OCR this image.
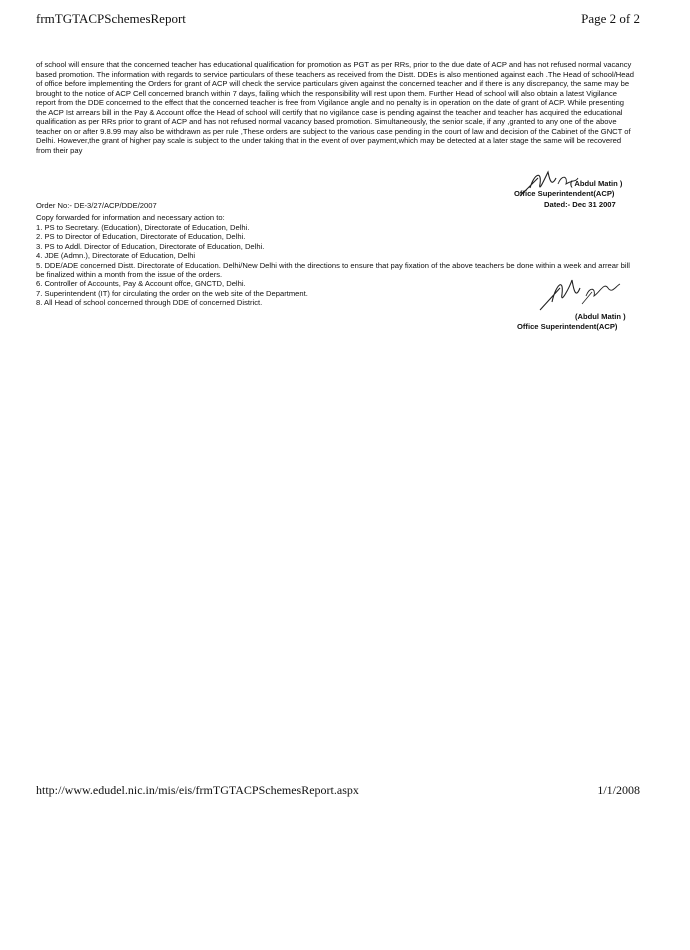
frmTGTACPSchemesReport	Page 2 of 2
of school will ensure that the concerned teacher has educational qualification for promotion as PGT as per RRs, prior to the due date of ACP and has not refused normal vacancy based promotion. The information with regards to service particulars of these teachers as received from the Distt. DDEs is also mentioned against each .The Head of school/Head of office before implementing the Orders for grant of ACP will check the service particulars given against the concerned teacher and if there is any discrepancy, the same may be brought to the notice of ACP Cell concerned branch within 7 days, failing which the responsibility will rest upon them. Further Head of school will also obtain a latest Vigilance report from the DDE concerned to the effect that the concerned teacher is free from Vigilance angle and no penalty is in operation on the date of grant of ACP. While presenting the ACP Ist arrears bill in the Pay & Account offce the Head of school will certify that no vigilance case is pending against the teacher and teacher has acquired the educational qualification as per RRs prior to grant of ACP and has not refused normal vacancy based promotion. Simultaneously, the senior scale, if any ,granted to any one of the above teacher on or after 9.8.99 may also be withdrawn as per rule ,These orders are subject to the various case pending in the court of law and decision of the Cabinet of the GNCT of Delhi. However,the grant of higher pay scale is subject to the under taking that in the event of over payment,which may be detected at a later stage the same will be recovered from their pay
( Abdul Matin )
Office Superintendent(ACP)
Dated:- Dec 31 2007
Order No:- DE-3/27/ACP/DDE/2007
Copy forwarded for information and necessary action to:
1. PS to Secretary. (Education), Directorate of Education, Delhi.
2. PS to Director of Education, Directorate of Education, Delhi.
3. PS to Addl. Director of Education, Directorate of Education, Delhi.
4. JDE (Admn.), Directorate of Education, Delhi
5. DDE/ADE concerned Distt. Directorate of Education. Delhi/New Delhi with the directions to ensure that pay fixation of the above teachers be done within a week and arrear bill be finalized within a month from the issue of the orders.
6. Controller of Accounts, Pay & Account offce, GNCTD, Delhi.
7. Superintendent (IT) for circulating the order on the web site of the Department.
8. All Head of school concerned through DDE of concerned District.
(Abdul Matin )
Office Superintendent(ACP)
http://www.edudel.nic.in/mis/eis/frmTGTACPSchemesReport.aspx	1/1/2008
